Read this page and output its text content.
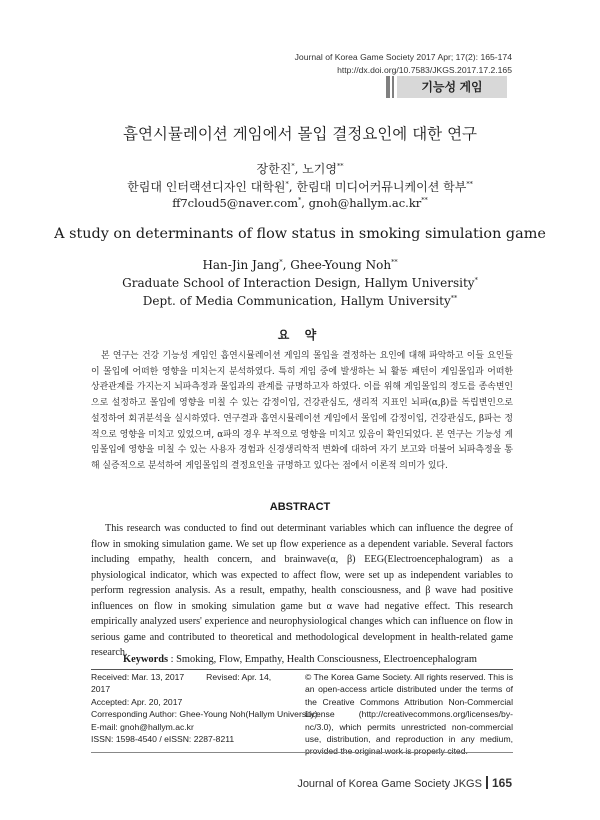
Journal of Korea Game Society 2017 Apr; 17(2): 165-174
http://dx.doi.org/10.7583/JKGS.2017.17.2.165
기능성 게임
흡연시뮬레이션 게임에서 몰입 결정요인에 대한 연구
장한진*, 노기영**
한림대 인터랙션디자인 대학원*, 한림대 미디어커뮤니케이션 학부**
ff7cloud5@naver.com*, gnoh@hallym.ac.kr**
A study on determinants of flow status in smoking simulation game
Han-Jin Jang*, Ghee-Young Noh**
Graduate School of Interaction Design, Hallym University*
Dept. of Media Communication, Hallym University**
요 약
본 연구는 건강 기능성 게임인 흡연시뮬레이션 게임의 몰입을 결정하는 요인에 대해 파악하고 이들 요인들이 몰입에 어떠한 영향을 미치는지 분석하였다. 특히 게임 중에 발생하는 뇌 활동 패턴이 게임몰입과 어떠한 상관관계를 가지는지 뇌파측정과 몰입과의 관계를 규명하고자 하였다. 이를 위해 게임몰입의 정도를 종속변인으로 설정하고 몰입에 영향을 미칠 수 있는 감정이입, 건강관심도, 생리적 지표인 뇌파(α,β)를 독립변인으로 설정하여 회귀분석을 실시하였다. 연구결과 흡연시뮬레이션 게임에서 몰입에 감정이입, 건강관심도, β파는 정적으로 영향을 미치고 있었으며, α파의 경우 부적으로 영향을 미치고 있음이 확인되었다. 본 연구는 기능성 게임몰입에 영향을 미칠 수 있는 사용자 경험과 신경생리학적 변화에 대하여 자기 보고와 더불어 뇌파측정을 통해 실증적으로 분석하여 게임몰입의 결정요인을 규명하고 있다는 점에서 이론적 의미가 있다.
ABSTRACT
This research was conducted to find out determinant variables which can influence the degree of flow in smoking simulation game. We set up flow experience as a dependent variable. Several factors including empathy, health concern, and brainwave(α, β) EEG(Electroencephalogram) as a physiological indicator, which was expected to affect flow, were set up as independent variables to perform regression analysis. As a result, empathy, health consciousness, and β wave had positive influences on flow in smoking simulation game but α wave had negative effect. This research empirically analyzed users' experience and neurophysiological changes which can influence on flow in serious game and contributed to theoretical and methodological development in health-related game research.
Keywords : Smoking, Flow, Empathy, Health Consciousness, Electroencephalogram
Received: Mar. 13, 2017	Revised: Apr. 14, 2017
Accepted: Apr. 20, 2017
Corresponding Author: Ghee-Young Noh(Hallym University)
E-mail: gnoh@hallym.ac.kr
ISSN: 1598-4540 / eISSN: 2287-8211
© The Korea Game Society. All rights reserved. This is an open-access article distributed under the terms of the Creative Commons Attribution Non-Commercial License (http://creativecommons.org/licenses/by-nc/3.0), which permits unrestricted non-commercial use, distribution, and reproduction in any medium,
Journal of Korea Game Society JKGS 165
